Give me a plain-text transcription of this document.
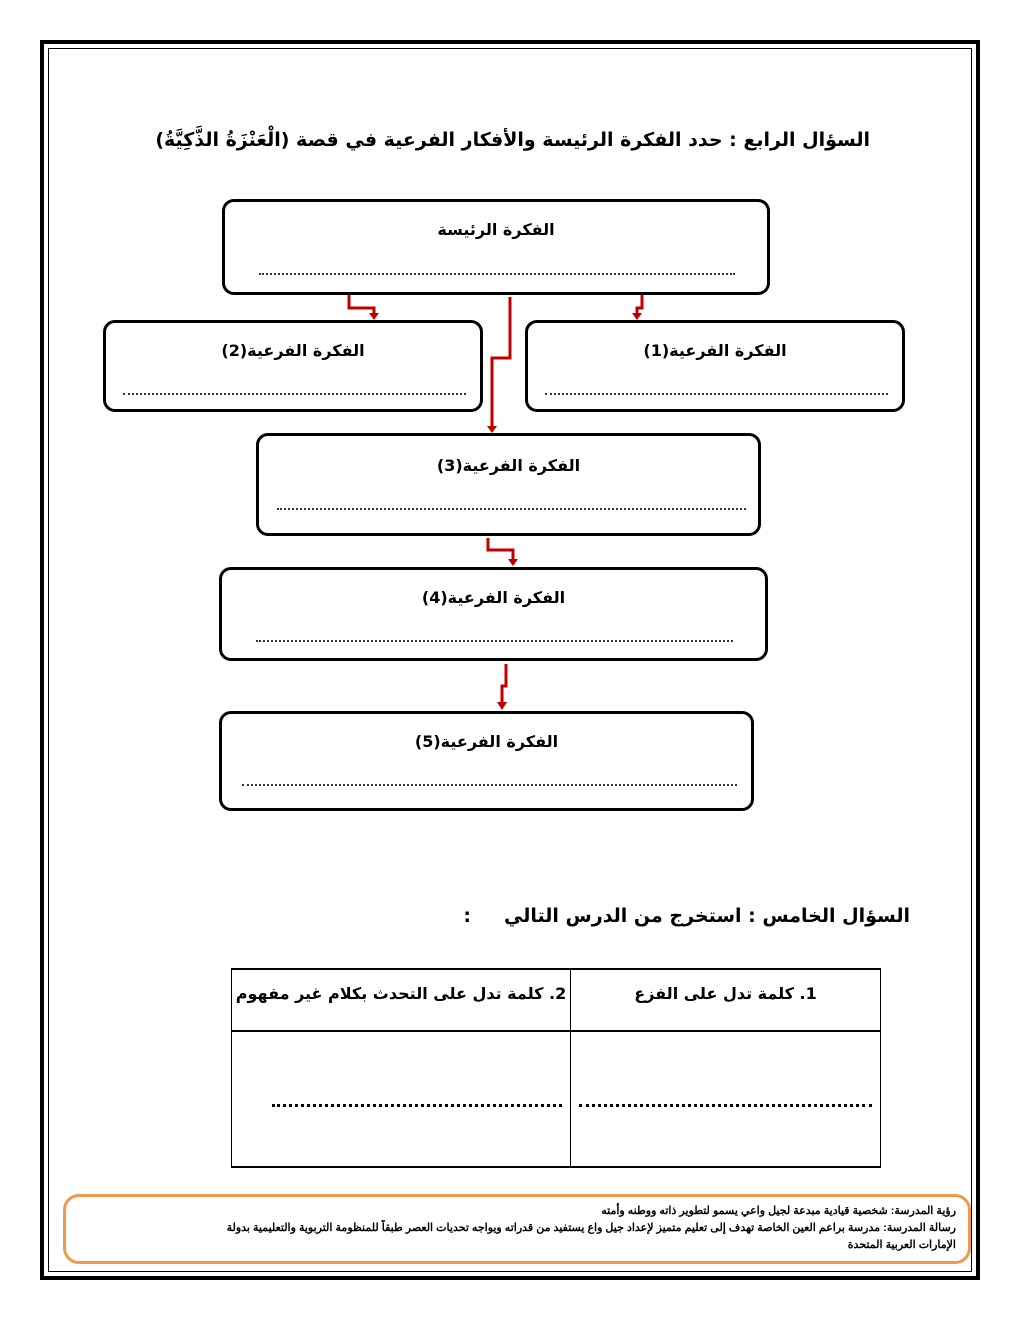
السؤال الرابع : حدد الفكرة الرئيسة والأفكار الفرعية في قصة (الْعَنْزَةُ الذَّكِيَّةُ)
الفكرة الرئيسة
الفكرة الفرعية(1)
الفكرة الفرعية(2)
الفكرة الفرعية(3)
الفكرة الفرعية(4)
الفكرة الفرعية(5)
السؤال الخامس : استخرج من الدرس التالي     :
1. كلمة تدل على الفزع	2. كلمة تدل على التحدث بكلام غير مفهوم

رؤية المدرسة: شخصية قيادية مبدعة لجيل واعي يسمو لتطوير ذاته ووطنه وأمته
رسالة المدرسة: مدرسة براعم العين الخاصة تهدف إلى تعليم متميز لإعداد جيل واع يستفيد من قدراته ويواجه تحديات العصر طبقاً للمنظومة التربوية والتعليمية بدولة
الإمارات العربية المتحدة
